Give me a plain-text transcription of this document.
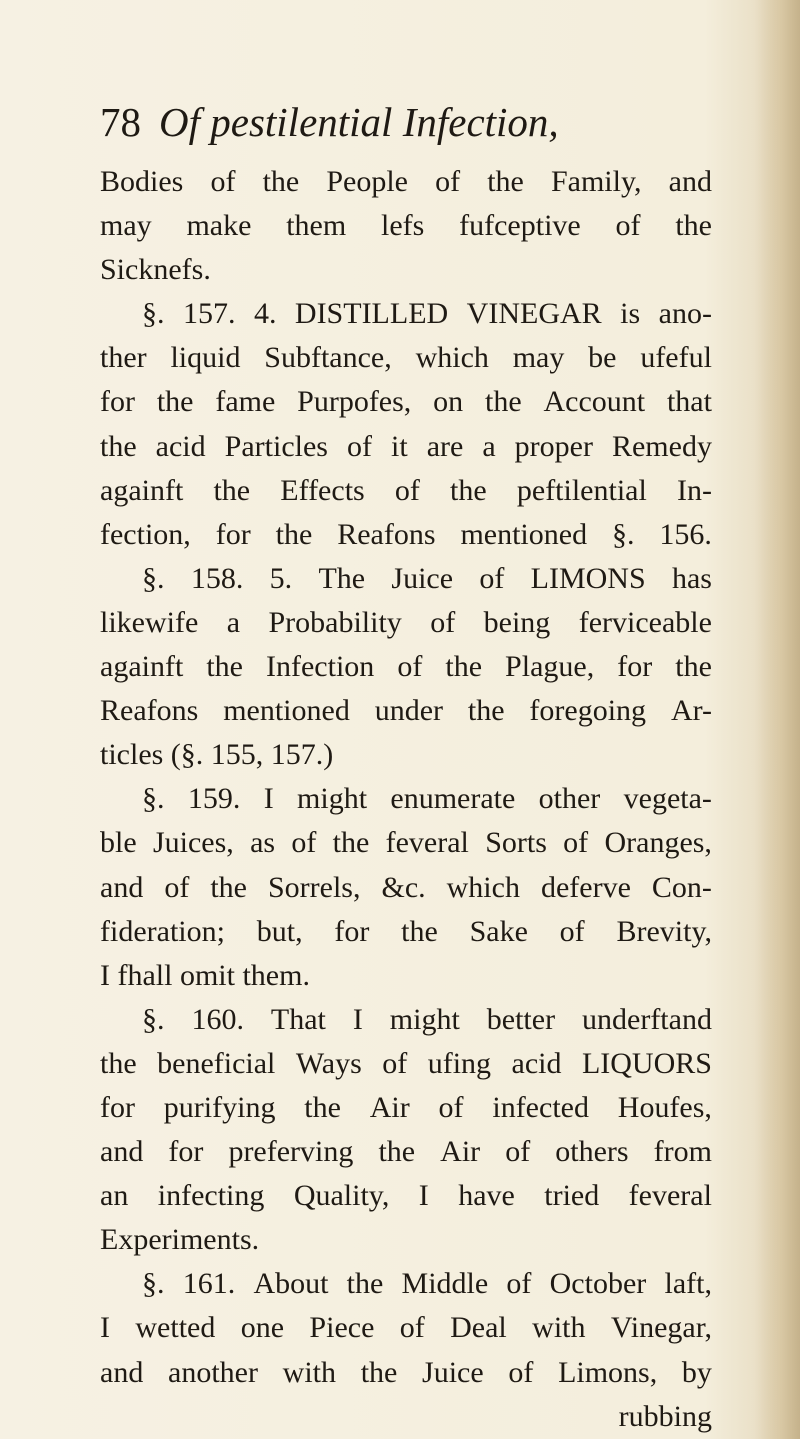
78 Of pestilential Infection,
Bodies of the People of the Family, and
may make them lefs fufceptive of the
Sicknefs.
§. 157. 4. DISTILLED VINEGAR is ano-
ther liquid Subftance, which may be ufeful
for the fame Purpofes, on the Account that
the acid Particles of it are a proper Remedy
againft the Effects of the peftilential In-
fection, for the Reafons mentioned §. 156.
§. 158. 5. The Juice of LIMONS has
likewife a Probability of being ferviceable
againft the Infection of the Plague, for the
Reafons mentioned under the foregoing Ar-
ticles (§. 155, 157.)
§. 159. I might enumerate other vegeta-
ble Juices, as of the feveral Sorts of Oranges,
and of the Sorrels, &c. which deferve Con-
fideration; but, for the Sake of Brevity,
I fhall omit them.
§. 160. That I might better underftand
the beneficial Ways of ufing acid LIQUORS
for purifying the Air of infected Houfes,
and for preferving the Air of others from
an infecting Quality, I have tried feveral
Experiments.
§. 161. About the Middle of October laft,
I wetted one Piece of Deal with Vinegar,
and another with the Juice of Limons, by
rubbing
